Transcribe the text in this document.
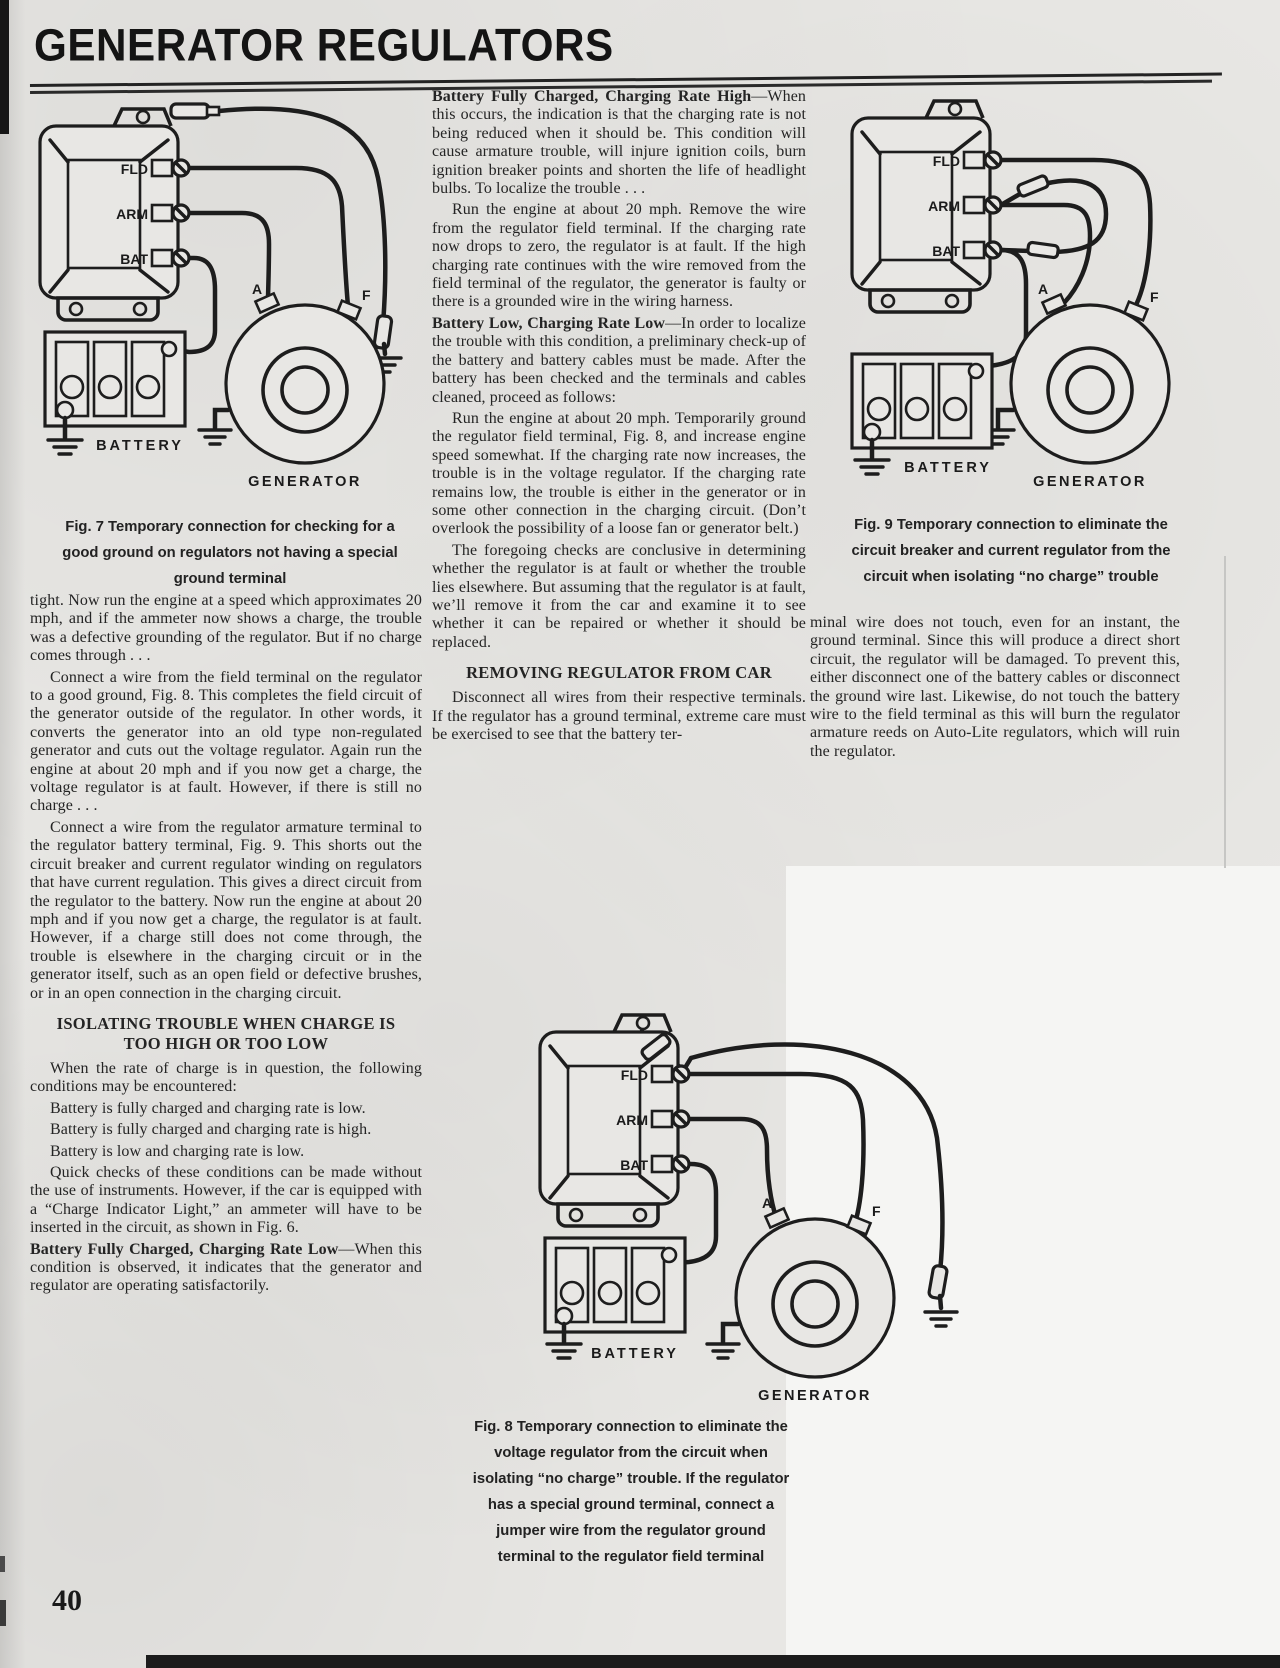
GENERATOR REGULATORS
FLD
ARM
BAT
A	F
GENERATOR
BATTERY
FLD
ARM
BAT
A	F
GENERATOR
BATTERY
FLD
ARM
BAT
A	F
GENERATOR
BATTERY
Fig. 7 Temporary connection for checking for a good ground on regulators not having a special ground terminal
Fig. 9 Temporary connection to eliminate the circuit breaker and current regulator from the circuit when isolating “no charge” trouble
Fig. 8 Temporary connection to eliminate the voltage regulator from the circuit when isolating “no charge” trouble. If the regulator has a special ground terminal, connect a jumper wire from the regulator ground terminal to the regulator field terminal

tight. Now run the engine at a speed which approximates 20 mph, and if the ammeter now shows a charge, the trouble was a defective grounding of the regulator. But if no charge comes through . . .

Connect a wire from the field terminal on the regulator to a good ground, Fig. 8. This completes the field circuit of the generator outside of the regulator. In other words, it converts the generator into an old type non-regulated generator and cuts out the voltage regulator. Again run the engine at about 20 mph and if you now get a charge, the voltage regulator is at fault. However, if there is still no charge . . .

Connect a wire from the regulator armature terminal to the regulator battery terminal, Fig. 9. This shorts out the circuit breaker and current regulator winding on regulators that have current regulation. This gives a direct circuit from the regulator to the battery. Now run the engine at about 20 mph and if you now get a charge, the regulator is at fault. However, if a charge still does not come through, the trouble is elsewhere in the charging circuit or in the generator itself, such as an open field or defective brushes, or in an open connection in the charging circuit.

ISOLATING TROUBLE WHEN CHARGE IS TOO HIGH OR TOO LOW

When the rate of charge is in question, the following conditions may be encountered:

Battery is fully charged and charging rate is low.

Battery is fully charged and charging rate is high.

Battery is low and charging rate is low.

Quick checks of these conditions can be made without the use of instruments. However, if the car is equipped with a “Charge Indicator Light,” an ammeter will have to be inserted in the circuit, as shown in Fig. 6.

Battery Fully Charged, Charging Rate Low—When this condition is observed, it indicates that the generator and regulator are operating satisfactorily.

Battery Fully Charged, Charging Rate High—When this occurs, the indication is that the charging rate is not being reduced when it should be. This condition will cause armature trouble, will injure ignition coils, burn ignition breaker points and shorten the life of headlight bulbs. To localize the trouble . . .

Run the engine at about 20 mph. Remove the wire from the regulator field terminal. If the charging rate now drops to zero, the regulator is at fault. If the high charging rate continues with the wire removed from the field terminal of the regulator, the generator is faulty or there is a grounded wire in the wiring harness.

Battery Low, Charging Rate Low—In order to localize the trouble with this condition, a preliminary check-up of the battery and battery cables must be made. After the battery has been checked and the terminals and cables cleaned, proceed as follows:

Run the engine at about 20 mph. Temporarily ground the regulator field terminal, Fig. 8, and increase engine speed somewhat. If the charging rate now increases, the trouble is in the voltage regulator. If the charging rate remains low, the trouble is either in the generator or in some other connection in the charging circuit. (Don’t overlook the possibility of a loose fan or generator belt.)

The foregoing checks are conclusive in determining whether the regulator is at fault or whether the trouble lies elsewhere. But assuming that the regulator is at fault, we’ll remove it from the car and examine it to see whether it can be repaired or whether it should be replaced.

REMOVING REGULATOR FROM CAR

Disconnect all wires from their respective terminals. If the regulator has a ground terminal, extreme care must be exercised to see that the battery ter-

minal wire does not touch, even for an instant, the ground terminal. Since this will produce a direct short circuit, the regulator will be damaged. To prevent this, either disconnect one of the battery cables or disconnect the ground wire last. Likewise, do not touch the battery wire to the field terminal as this will burn the regulator armature reeds on Auto-Lite regulators, which will ruin the regulator.

40
